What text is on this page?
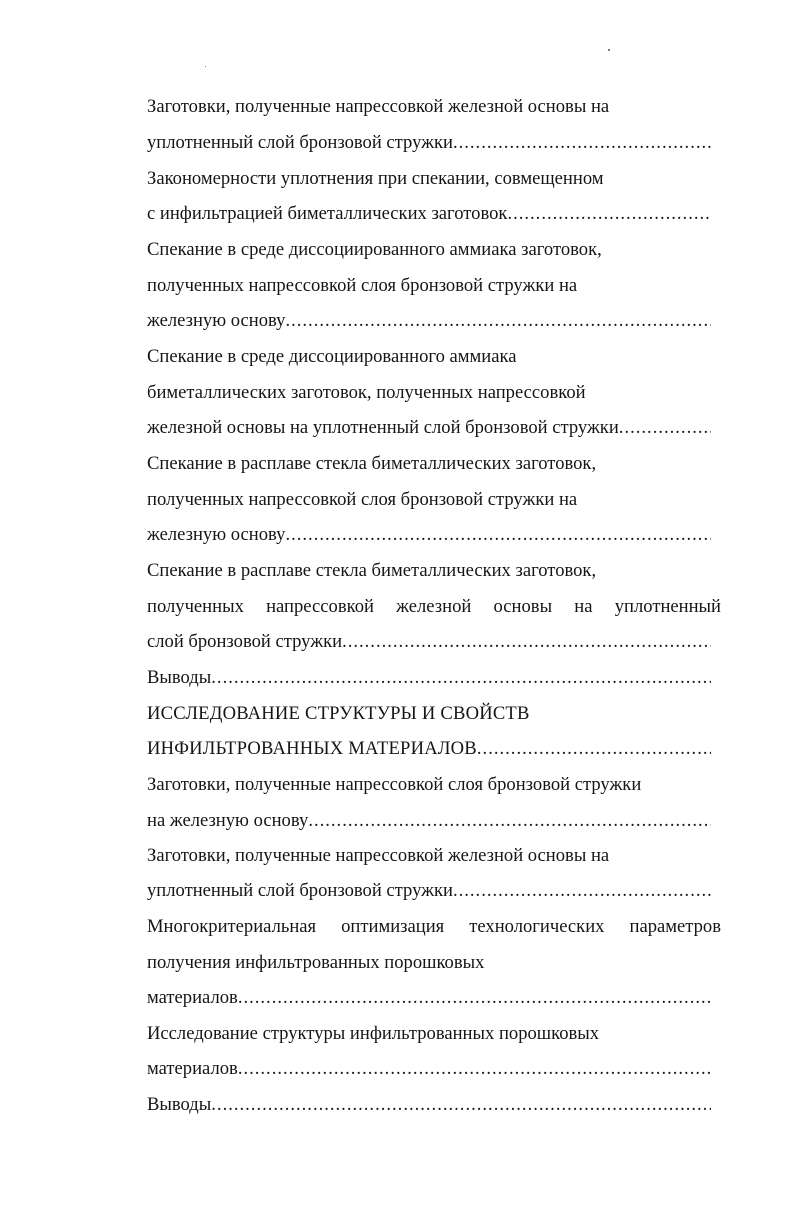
Заготовки, полученные напрессовкой железной основы на
уплотненный слой бронзовой стружки
.....
Закономерности уплотнения при спекании, совмещенном
с инфильтрацией биметаллических заготовок
.....
Спекание в среде диссоциированного аммиака заготовок,
полученных напрессовкой слоя бронзовой стружки на
железную основу
.....
Спекание в среде диссоциированного аммиака
биметаллических заготовок, полученных напрессовкой
железной основы на уплотненный слой бронзовой стружки
.....
Спекание в расплаве стекла биметаллических заготовок,
полученных напрессовкой слоя бронзовой стружки на
железную основу
.....
Спекание в расплаве стекла биметаллических заготовок,
полученных напрессовкой железной основы на уплотненный
слой бронзовой стружки
.....
Выводы
.....
ИССЛЕДОВАНИЕ СТРУКТУРЫ И СВОЙСТВ
ИНФИЛЬТРОВАННЫХ МАТЕРИАЛОВ
.....
Заготовки, полученные напрессовкой слоя бронзовой стружки
на железную основу
.....
Заготовки, полученные напрессовкой железной основы на
уплотненный слой бронзовой стружки
.....
Многокритериальная оптимизация технологических параметров
получения инфильтрованных порошковых
материалов
.....
Исследование структуры инфильтрованных порошковых
материалов
.....
Выводы
.....
